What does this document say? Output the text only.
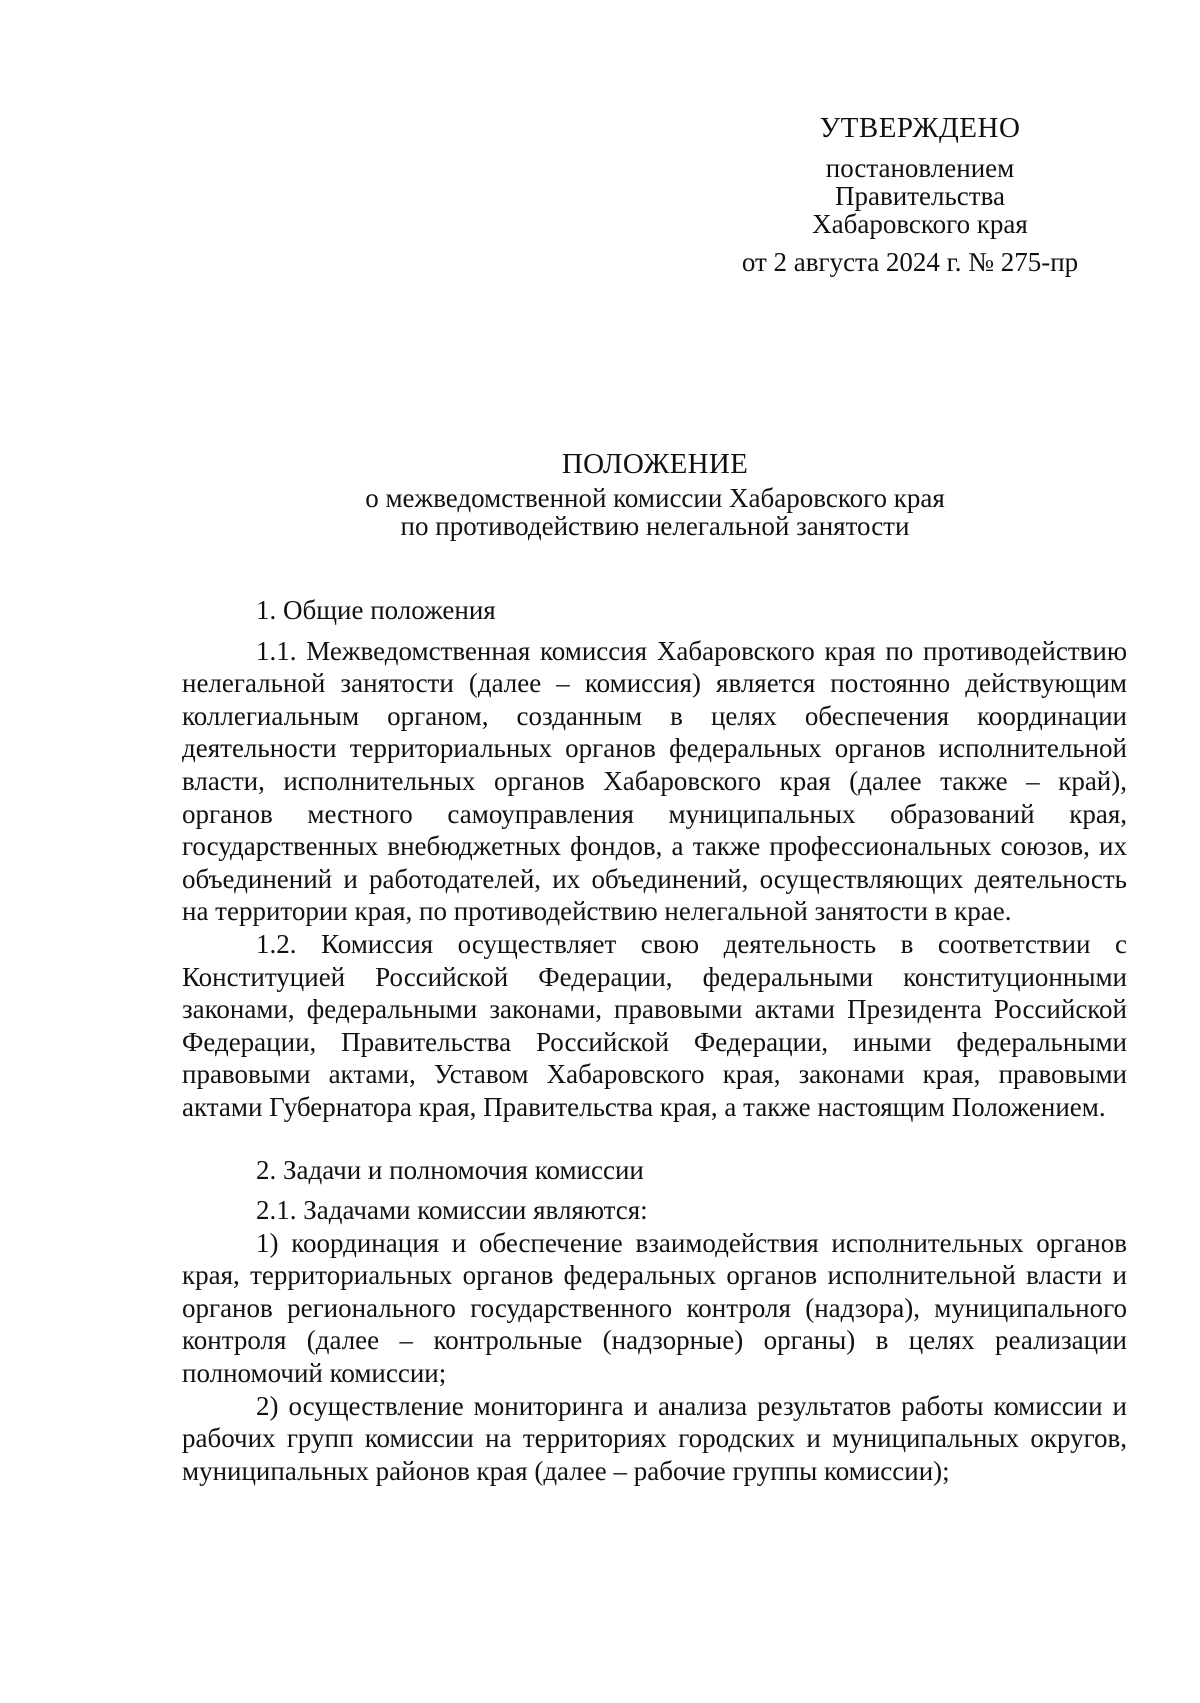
УТВЕРЖДЕНО
постановлением
Правительства
Хабаровского края
от 2 августа 2024 г. № 275-пр
ПОЛОЖЕНИЕ
о межведомственной комиссии Хабаровского края
по противодействию нелегальной занятости
1. Общие положения

1.1. Межведомственная комиссия Хабаровского края по противодействию нелегальной занятости (далее – комиссия) является постоянно действующим коллегиальным органом, созданным в целях обеспечения координации деятельности территориальных органов федеральных органов исполнительной власти, исполнительных органов Хабаровского края (далее также – край), органов местного самоуправления муниципальных образований края, государственных внебюджетных фондов, а также профессиональных союзов, их объединений и работодателей, их объединений, осуществляющих деятельность на территории края, по противодействию нелегальной занятости в крае.

1.2. Комиссия осуществляет свою деятельность в соответствии с Конституцией Российской Федерации, федеральными конституционными законами, федеральными законами, правовыми актами Президента Российской Федерации, Правительства Российской Федерации, иными федеральными правовыми актами, Уставом Хабаровского края, законами края, правовыми актами Губернатора края, Правительства края, а также настоящим Положением.

2. Задачи и полномочия комиссии

2.1. Задачами комиссии являются:

1) координация и обеспечение взаимодействия исполнительных органов края, территориальных органов федеральных органов исполнительной власти и органов регионального государственного контроля (надзора), муниципального контроля (далее – контрольные (надзорные) органы) в целях реализации полномочий комиссии;

2) осуществление мониторинга и анализа результатов работы комиссии и рабочих групп комиссии на территориях городских и муниципальных округов, муниципальных районов края (далее – рабочие группы комиссии);
